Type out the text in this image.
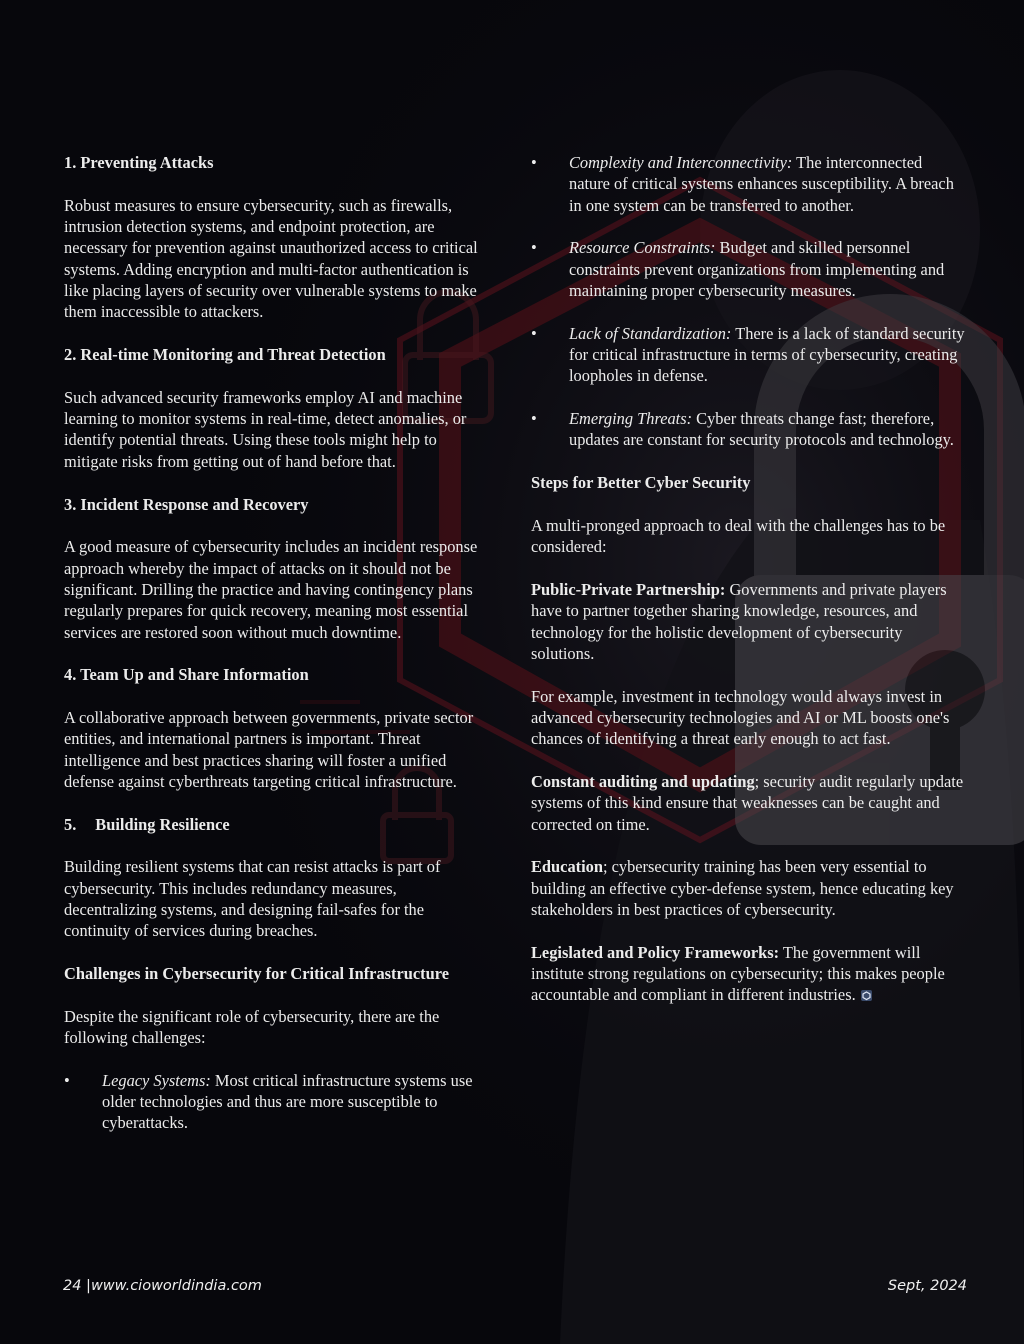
1. Preventing Attacks

Robust measures to ensure cybersecurity, such as firewalls, intrusion detection systems, and endpoint protection, are necessary for prevention against unauthorized access to critical systems. Adding encryption and multi-factor authentication is like placing layers of security over vulnerable systems to make them inaccessible to attackers.

2. Real-time Monitoring and Threat Detection

Such advanced security frameworks employ AI and machine learning to monitor systems in real-time, detect anomalies, or identify potential threats. Using these tools might help to mitigate risks from getting out of hand before that.

3. Incident Response and Recovery

A good measure of cybersecurity includes an incident response approach whereby the impact of attacks on it should not be significant. Drilling the practice and having contingency plans regularly prepares for quick recovery, meaning most essential services are restored soon without much downtime.

4. Team Up and Share Information

A collaborative approach between governments, private sector entities, and international partners is important. Threat intelligence and best practices sharing will foster a unified defense against cyberthreats targeting critical infrastructure.

5. Building Resilience

Building resilient systems that can resist attacks is part of cybersecurity. This includes redundancy measures, decentralizing systems, and designing fail-safes for the continuity of services during breaches.

Challenges in Cybersecurity for Critical Infrastructure

Despite the significant role of cybersecurity, there are the following challenges:

• Legacy Systems: Most critical infrastructure systems use older technologies and thus are more susceptible to cyberattacks.
• Complexity and Interconnectivity: The interconnected nature of critical systems enhances susceptibility. A breach in one system can be transferred to another.
• Resource Constraints: Budget and skilled personnel constraints prevent organizations from implementing and maintaining proper cybersecurity measures.
• Lack of Standardization: There is a lack of standard security for critical infrastructure in terms of cybersecurity, creating loopholes in defense.
• Emerging Threats: Cyber threats change fast; therefore, updates are constant for security protocols and technology.

Steps for Better Cyber Security

A multi-pronged approach to deal with the challenges has to be considered:

Public-Private Partnership: Governments and private players have to partner together sharing knowledge, resources, and technology for the holistic development of cybersecurity solutions.

For example, investment in technology would always invest in advanced cybersecurity technologies and AI or ML boosts one's chances of identifying a threat early enough to act fast.

Constant auditing and updating; security audit regularly update systems of this kind ensure that weaknesses can be caught and corrected on time.

Education; cybersecurity training has been very essential to building an effective cyber-defense system, hence educating key stakeholders in best practices of cybersecurity.

Legislated and Policy Frameworks: The government will institute strong regulations on cybersecurity; this makes people accountable and compliant in different industries.

24 |www.cioworldindia.com	Sept, 2024
